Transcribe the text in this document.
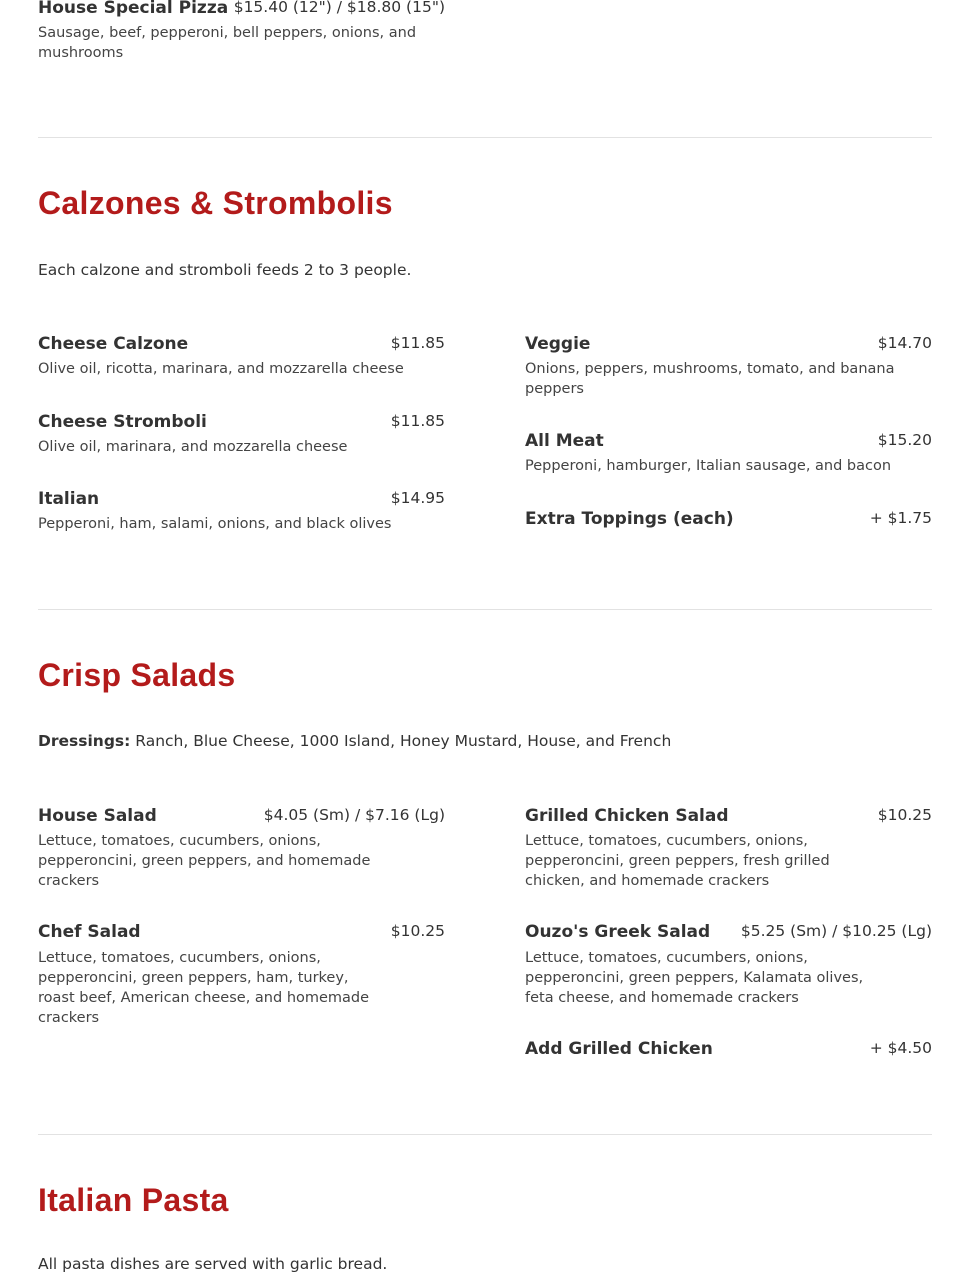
House Special Pizza $15.40 (12") / $18.80 (15")
Sausage, beef, pepperoni, bell peppers, onions, and mushrooms
Calzones & Strombolis
Each calzone and stromboli feeds 2 to 3 people.
Cheese Calzone	$11.85
Olive oil, ricotta, marinara, and mozzarella cheese
Cheese Stromboli	$11.85
Olive oil, marinara, and mozzarella cheese
Italian	$14.95
Pepperoni, ham, salami, onions, and black olives
Veggie	$14.70
Onions, peppers, mushrooms, tomato, and banana peppers
All Meat	$15.20
Pepperoni, hamburger, Italian sausage, and bacon
Extra Toppings (each)	+ $1.75
Crisp Salads
Dressings: Ranch, Blue Cheese, 1000 Island, Honey Mustard, House, and French
House Salad	$4.05 (Sm) / $7.16 (Lg)
Lettuce, tomatoes, cucumbers, onions, pepperoncini, green peppers, and homemade crackers
Chef Salad	$10.25
Lettuce, tomatoes, cucumbers, onions, pepperoncini, green peppers, ham, turkey, roast beef, American cheese, and homemade crackers
Grilled Chicken Salad	$10.25
Lettuce, tomatoes, cucumbers, onions, pepperoncini, green peppers, fresh grilled chicken, and homemade crackers
Ouzo's Greek Salad $5.25 (Sm) / $10.25 (Lg)
Lettuce, tomatoes, cucumbers, onions, pepperoncini, green peppers, Kalamata olives, feta cheese, and homemade crackers
Add Grilled Chicken	+ $4.50
Italian Pasta
All pasta dishes are served with garlic bread.
